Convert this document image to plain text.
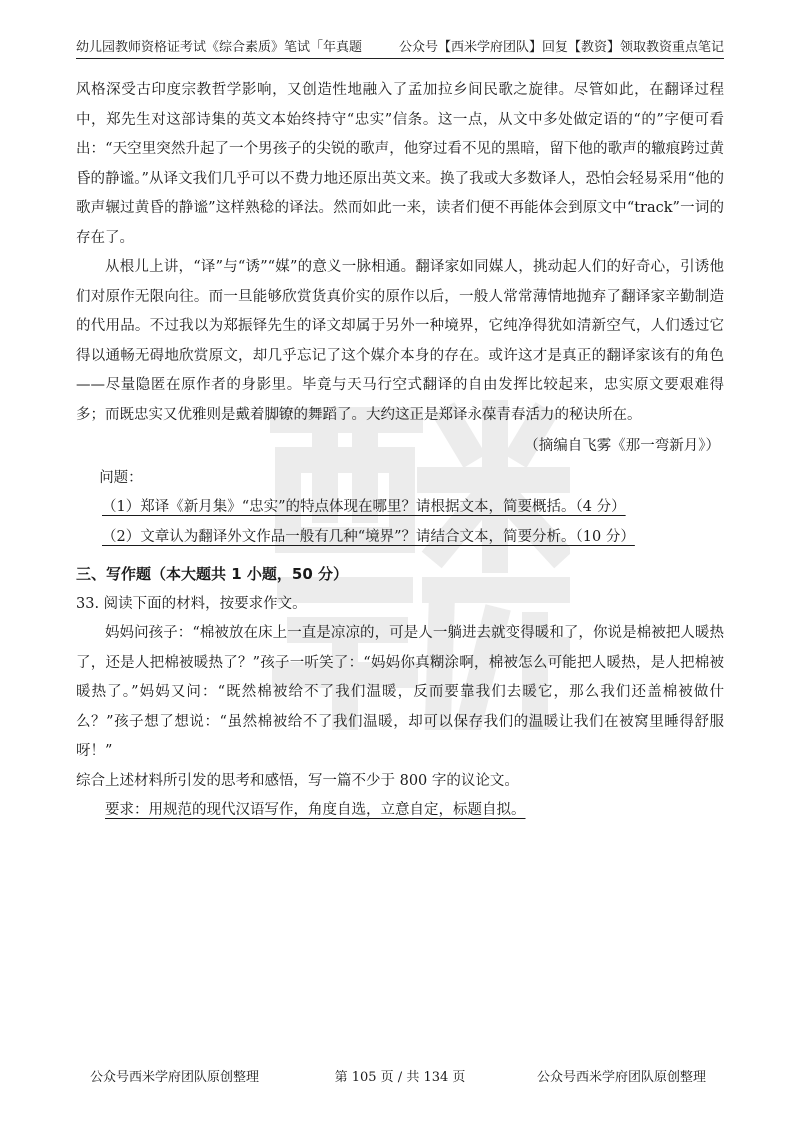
幼儿园教师资格证考试《综合素质》笔试「年真题	公众号【西米学府团队】回复【教资】领取教资重点笔记

风格深受古印度宗教哲学影响，又创造性地融入了孟加拉乡间民歌之旋律。尽管如此，在翻译过程中，郑先生对这部诗集的英文本始终持守“忠实”信条。这一点，从文中多处做定语的“的”字便可看出：“天空里突然升起了一个男孩子的尖锐的歌声，他穿过看不见的黑暗，留下他的歌声的辙痕跨过黄昏的静谧。”从译文我们几乎可以不费力地还原出英文来。换了我或大多数译人，恐怕会轻易采用“他的歌声辗过黄昏的静谧”这样熟稔的译法。然而如此一来，读者们便不再能体会到原文中“track”一词的存在了。

从根儿上讲，“译”与“诱”“媒”的意义一脉相通。翻译家如同媒人，挑动起人们的好奇心，引诱他们对原作无限向往。而一旦能够欣赏货真价实的原作以后，一般人常常薄情地抛弃了翻译家辛勤制造的代用品。不过我以为郑振铎先生的译文却属于另外一种境界，它纯净得犹如清新空气，人们透过它得以通畅无碍地欣赏原文，却几乎忘记了这个媒介本身的存在。或许这才是真正的翻译家该有的角色——尽量隐匿在原作者的身影里。毕竟与天马行空式翻译的自由发挥比较起来，忠实原文要艰难得多；而既忠实又优雅则是戴着脚镣的舞蹈了。大约这正是郑译永葆青春活力的秘诀所在。

（摘编自飞雾《那一弯新月》）

问题：

（1）郑译《新月集》“忠实”的特点体现在哪里？请根据文本，简要概括。（4 分）

（2）文章认为翻译外文作品一般有几种“境界”？请结合文本，简要分析。（10 分）

三、写作题（本大题共 1 小题，50 分）

33. 阅读下面的材料，按要求作文。

妈妈问孩子：“棉被放在床上一直是凉凉的，可是人一躺进去就变得暖和了，你说是棉被把人暖热了，还是人把棉被暖热了？”孩子一听笑了：“妈妈你真糊涂啊，棉被怎么可能把人暖热，是人把棉被暖热了。”妈妈又问：“既然棉被给不了我们温暖，反而要靠我们去暖它，那么我们还盖棉被做什么？”孩子想了想说：“虽然棉被给不了我们温暖，却可以保存我们的温暖让我们在被窝里睡得舒服呀！”

综合上述材料所引发的思考和感悟，写一篇不少于 800 字的议论文。

要求：用规范的现代汉语写作，角度自选，立意自定，标题自拟。

公众号西米学府团队原创整理	第 105 页 / 共 134 页	公众号西米学府团队原创整理
